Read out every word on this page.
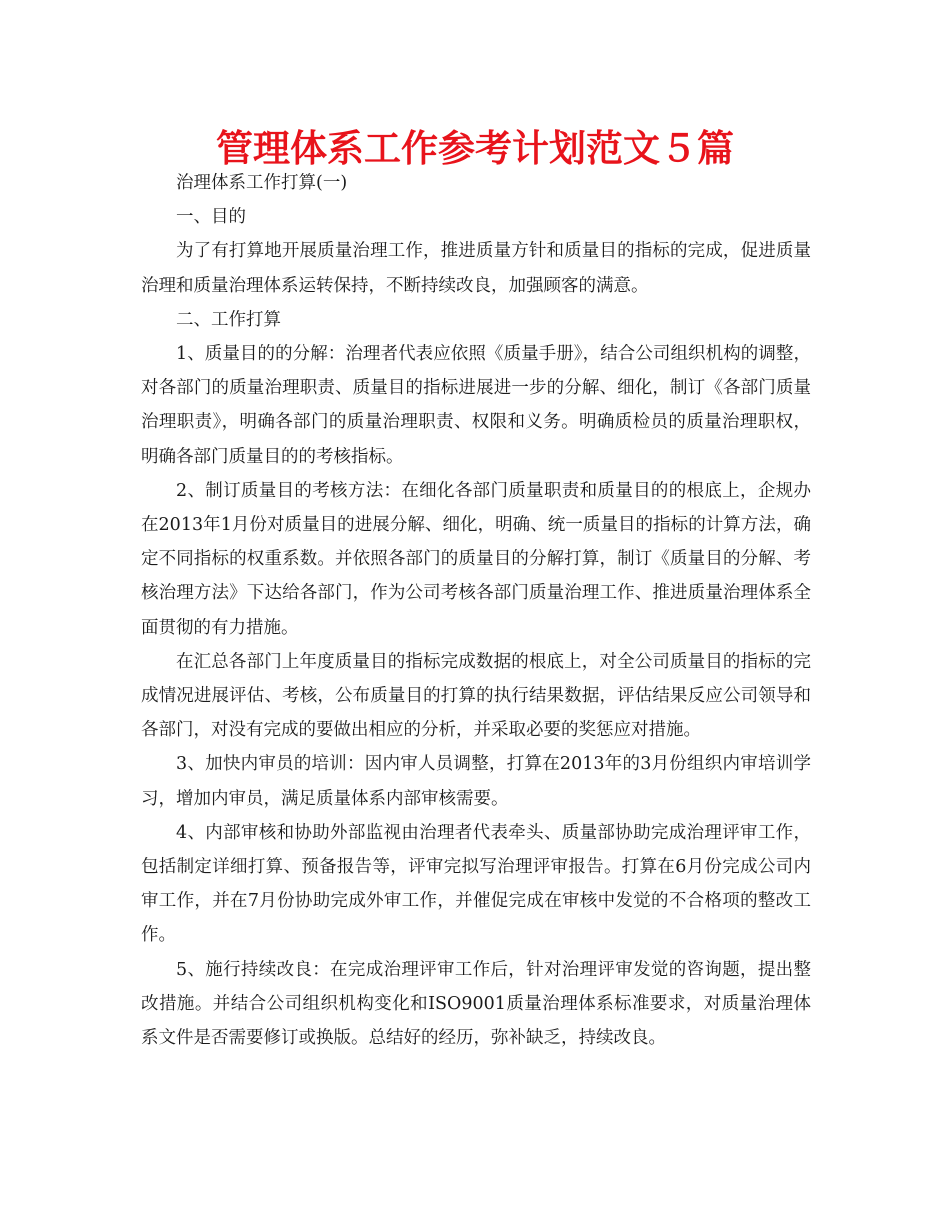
管理体系工作参考计划范文５篇

治理体系工作打算(一)

一、目的

为了有打算地开展质量治理工作，推进质量方针和质量目的指标的完成，促进质量治理和质量治理体系运转保持，不断持续改良，加强顾客的满意。

二、工作打算

1、质量目的的分解：治理者代表应依照《质量手册》，结合公司组织机构的调整，对各部门的质量治理职责、质量目的指标进展进一步的分解、细化，制订《各部门质量治理职责》，明确各部门的质量治理职责、权限和义务。明确质检员的质量治理职权，明确各部门质量目的的考核指标。

2、制订质量目的考核方法：在细化各部门质量职责和质量目的的根底上，企规办在2013年1月份对质量目的进展分解、细化，明确、统一质量目的指标的计算方法，确定不同指标的权重系数。并依照各部门的质量目的分解打算，制订《质量目的分解、考核治理方法》下达给各部门，作为公司考核各部门质量治理工作、推进质量治理体系全面贯彻的有力措施。

在汇总各部门上年度质量目的指标完成数据的根底上，对全公司质量目的指标的完成情况进展评估、考核，公布质量目的打算的执行结果数据，评估结果反应公司领导和各部门，对没有完成的要做出相应的分析，并采取必要的奖惩应对措施。

3、加快内审员的培训：因内审人员调整，打算在2013年的3月份组织内审培训学习，增加内审员，满足质量体系内部审核需要。

4、内部审核和协助外部监视由治理者代表牵头、质量部协助完成治理评审工作，包括制定详细打算、预备报告等，评审完拟写治理评审报告。打算在6月份完成公司内审工作，并在7月份协助完成外审工作，并催促完成在审核中发觉的不合格项的整改工作。

5、施行持续改良：在完成治理评审工作后，针对治理评审发觉的咨询题，提出整改措施。并结合公司组织机构变化和ISO9001质量治理体系标准要求，对质量治理体系文件是否需要修订或换版。总结好的经历，弥补缺乏，持续改良。
